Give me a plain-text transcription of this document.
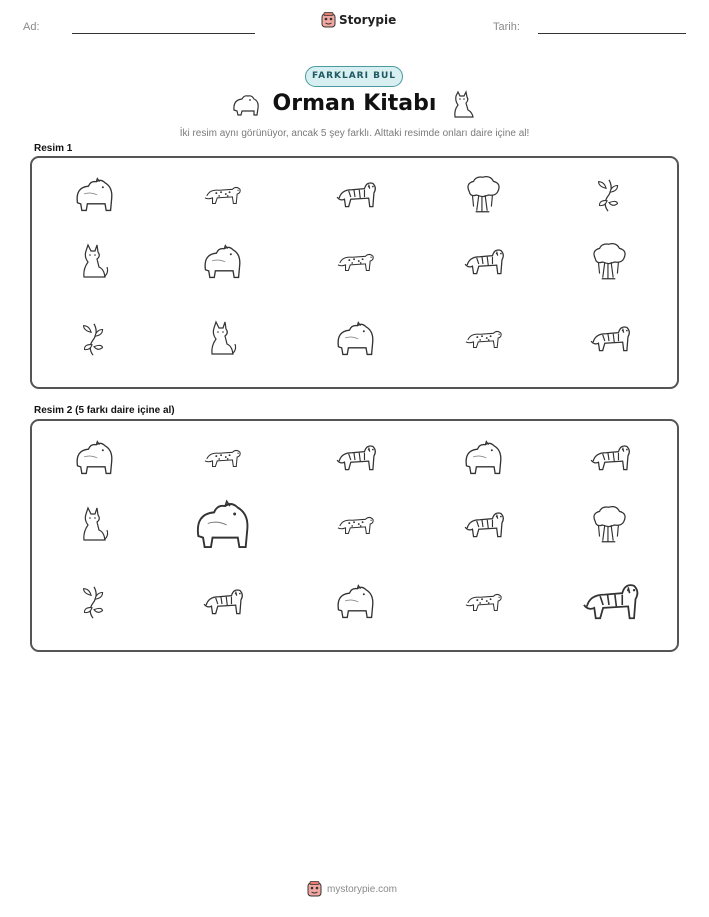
Ad:	Storypie	Tarih:
FARKLARI BUL
Orman Kitabı
İki resim aynı görünüyor, ancak 5 şey farklı. Alttaki resimde onları daire içine al!
Resim 1
Resim 2 (5 farkı daire içine al)
mystorypie.com
